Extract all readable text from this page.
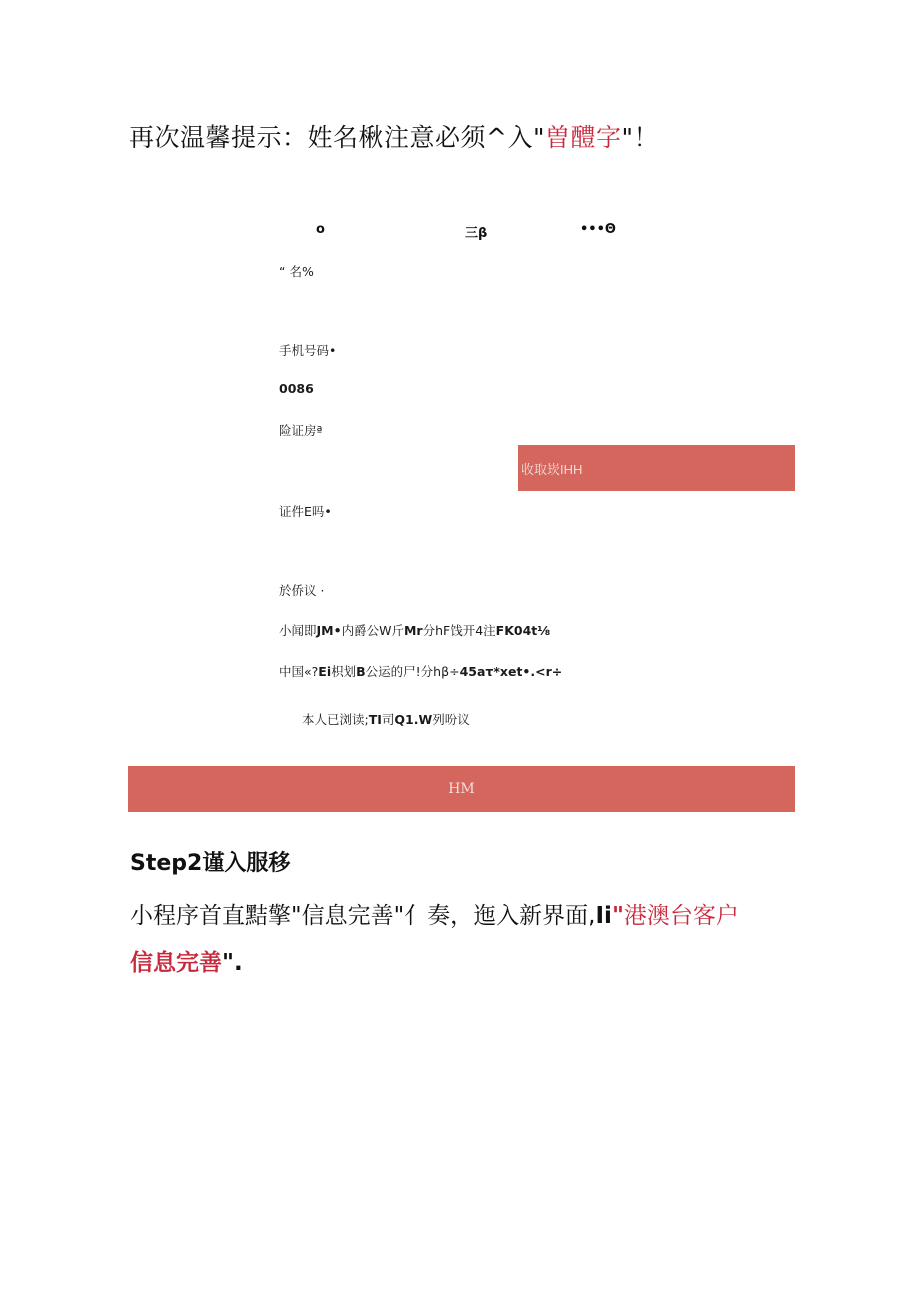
再次温馨提示：姓名楸注意必须^入"曽醴字"！
o	三β	•••Θ
“ 名%
手机号码•
0086
险证房ª
收取崁IHH
证件E吗•
於侨议 ·
小闻即JM•内爵公W斤Mr分hF饯开4注FK04t⅛
中国«?Ei枳划B公运的尸!分hβ÷45aτ*xet•.<r÷
本人已浏读;TI司Q1.W列吩议
HM
Step2谨入服移
小程序首直黠擎"信息完善"亻奏，迤入新界面,Ii"港澳台客户
信息完善".
